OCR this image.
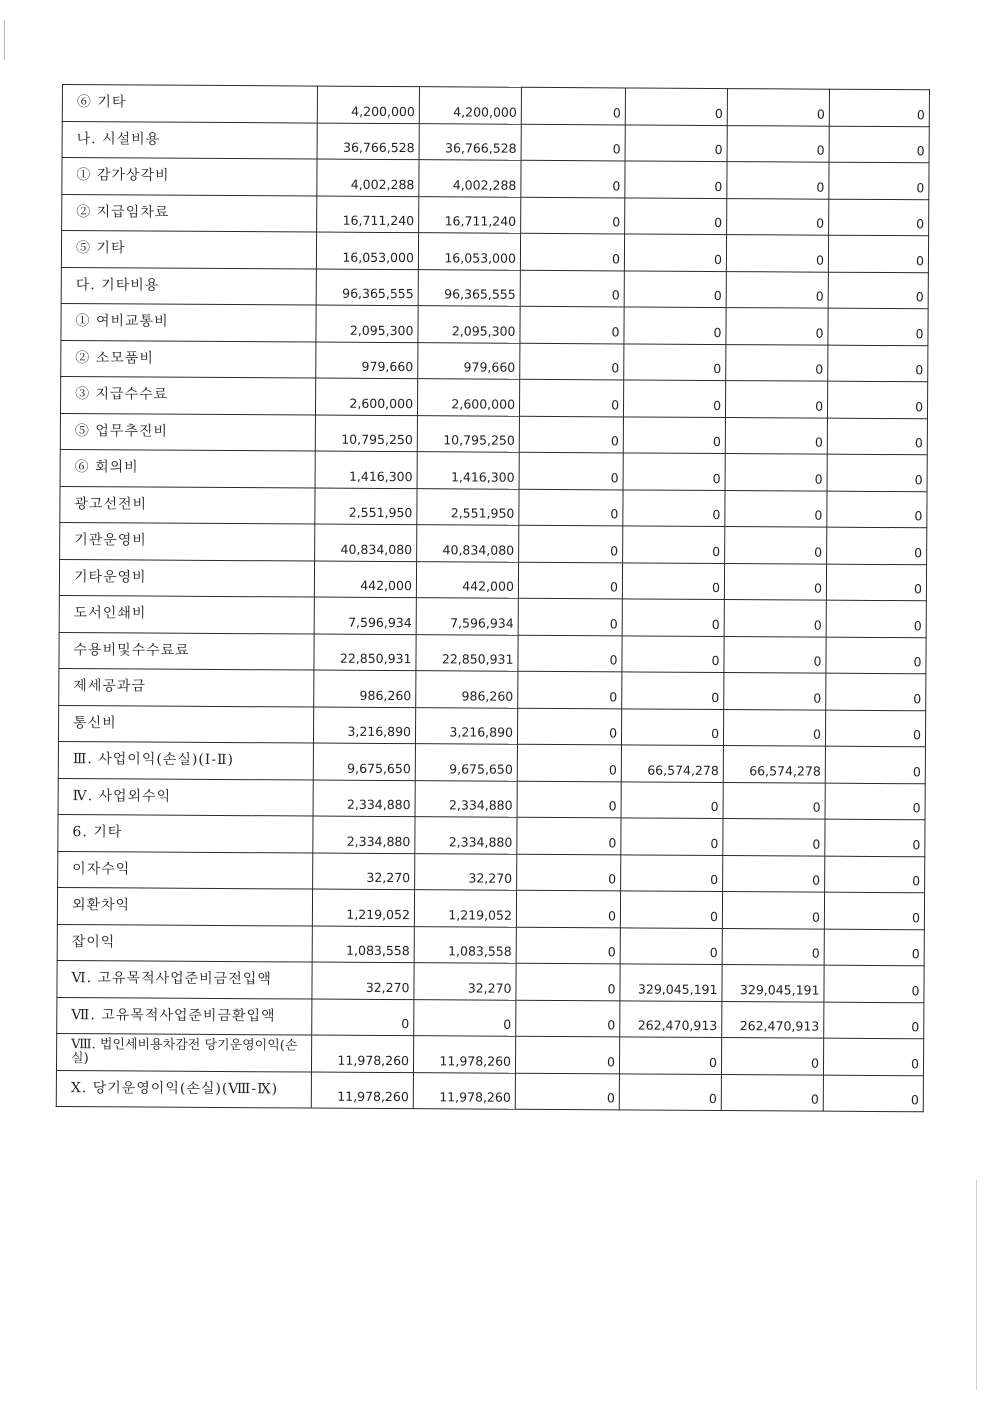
⑥ 기타	4,200,000	4,200,000	0	0	0	0
나. 시설비용	36,766,528	36,766,528	0	0	0	0
① 감가상각비	4,002,288	4,002,288	0	0	0	0
② 지급임차료	16,711,240	16,711,240	0	0	0	0
⑤ 기타	16,053,000	16,053,000	0	0	0	0
다. 기타비용	96,365,555	96,365,555	0	0	0	0
① 여비교통비	2,095,300	2,095,300	0	0	0	0
② 소모품비	979,660	979,660	0	0	0	0
③ 지급수수료	2,600,000	2,600,000	0	0	0	0
⑤ 업무추진비	10,795,250	10,795,250	0	0	0	0
⑥ 회의비	1,416,300	1,416,300	0	0	0	0
광고선전비	2,551,950	2,551,950	0	0	0	0
기관운영비	40,834,080	40,834,080	0	0	0	0
기타운영비	442,000	442,000	0	0	0	0
도서인쇄비	7,596,934	7,596,934	0	0	0	0
수용비및수수료료	22,850,931	22,850,931	0	0	0	0
제세공과금	986,260	986,260	0	0	0	0
통신비	3,216,890	3,216,890	0	0	0	0
Ⅲ. 사업이익(손실)(Ⅰ-Ⅱ)	9,675,650	9,675,650	0	66,574,278	66,574,278	0
Ⅳ. 사업외수익	2,334,880	2,334,880	0	0	0	0
6. 기타	2,334,880	2,334,880	0	0	0	0
이자수익	32,270	32,270	0	0	0	0
외환차익	1,219,052	1,219,052	0	0	0	0
잡이익	1,083,558	1,083,558	0	0	0	0
Ⅵ. 고유목적사업준비금전입액	32,270	32,270	0	329,045,191	329,045,191	0
Ⅶ. 고유목적사업준비금환입액	0	0	0	262,470,913	262,470,913	0
Ⅷ. 법인세비용차감전 당기운영이익(손실)	11,978,260	11,978,260	0	0	0	0
Ⅹ. 당기운영이익(손실)(Ⅷ-Ⅸ)	11,978,260	11,978,260	0	0	0	0
